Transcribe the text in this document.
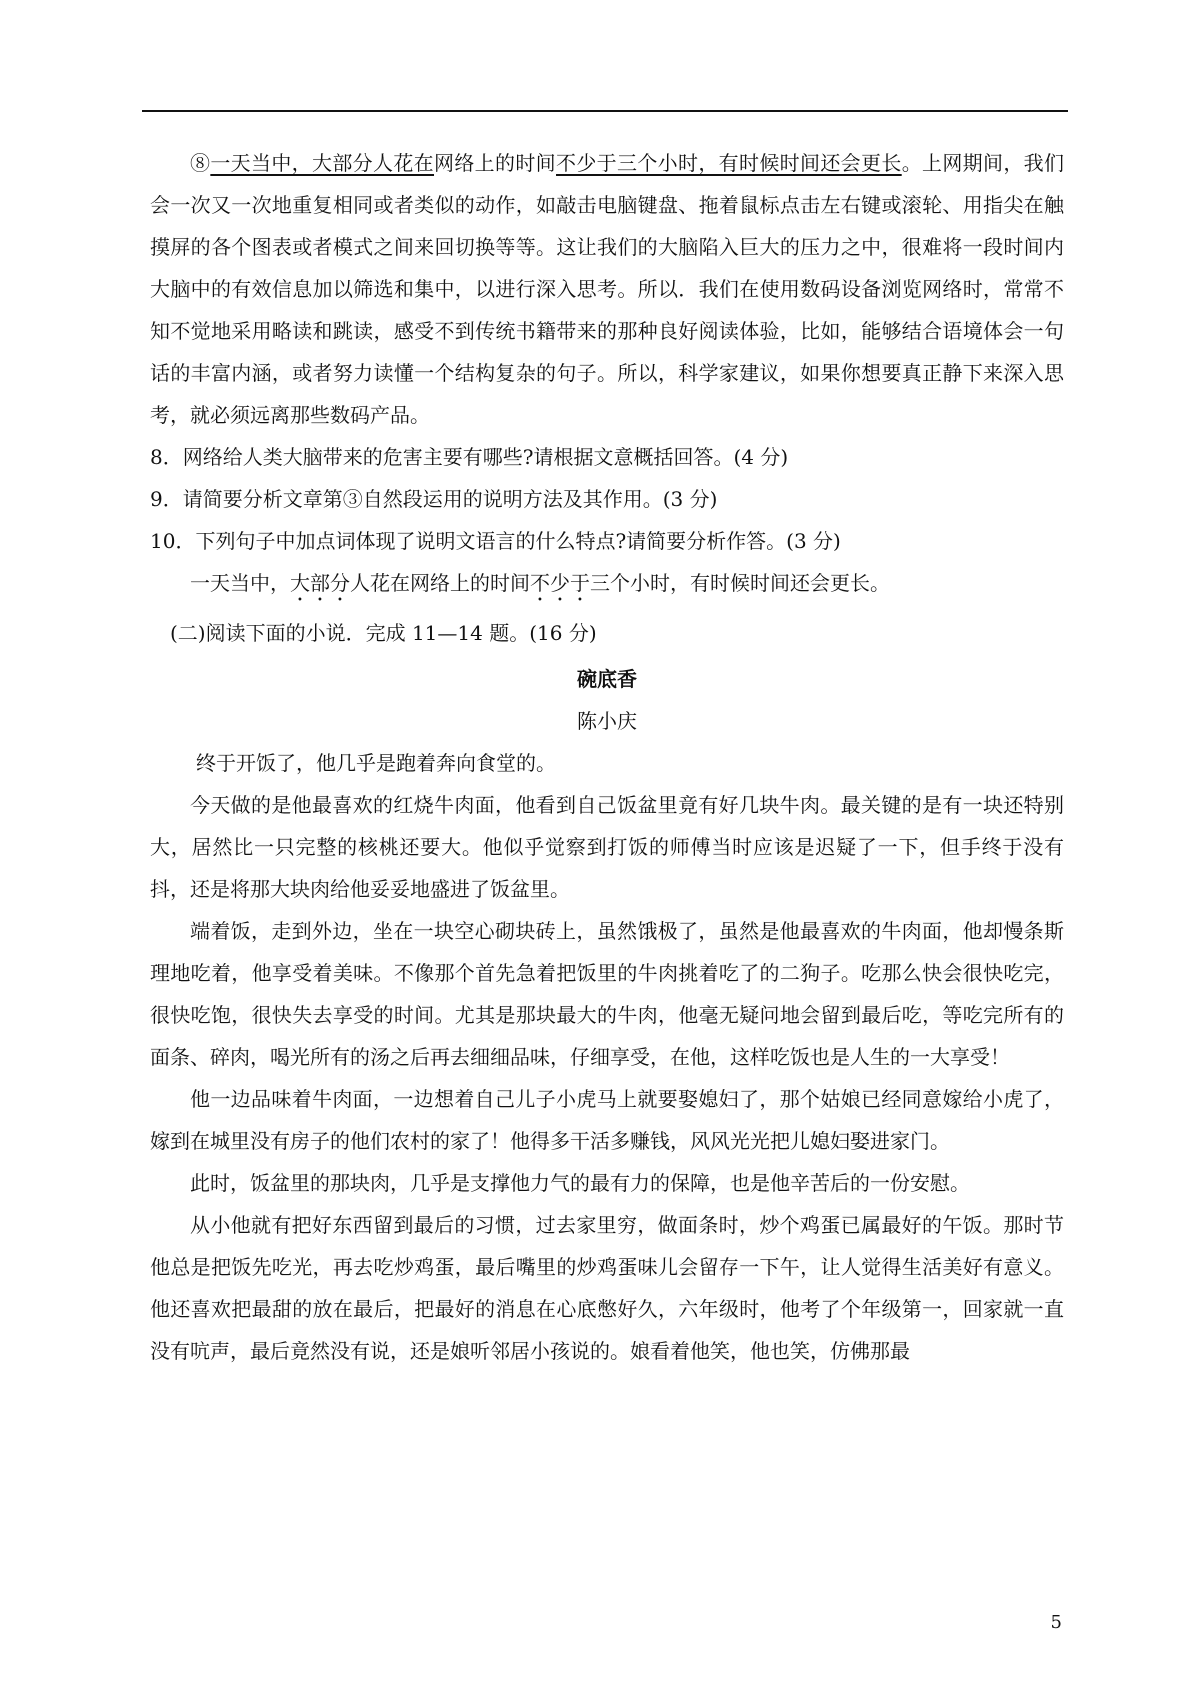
⑧一天当中，大部分人花在网络上的时间不少于三个小时，有时候时间还会更长。上网期间，我们会一次又一次地重复相同或者类似的动作，如敲击电脑键盘、拖着鼠标点击左右键或滚轮、用指尖在触摸屏的各个图表或者模式之间来回切换等等。这让我们的大脑陷入巨大的压力之中，很难将一段时间内大脑中的有效信息加以筛选和集中，以进行深入思考。所以．我们在使用数码设备浏览网络时，常常不知不觉地采用略读和跳读，感受不到传统书籍带来的那种良好阅读体验，比如，能够结合语境体会一句话的丰富内涵，或者努力读懂一个结构复杂的句子。所以，科学家建议，如果你想要真正静下来深入思考，就必须远离那些数码产品。

8．网络给人类大脑带来的危害主要有哪些?请根据文意概括回答。(4 分)

9．请简要分析文章第③自然段运用的说明方法及其作用。(3 分)

10．下列句子中加点词体现了说明文语言的什么特点?请简要分析作答。(3 分)

一天当中，大部分人花在网络上的时间不少于三个小时，有时候时间还会更长。

(二)阅读下面的小说．完成 11—14 题。(16 分)

碗底香

陈小庆

终于开饭了，他几乎是跑着奔向食堂的。

今天做的是他最喜欢的红烧牛肉面，他看到自己饭盆里竟有好几块牛肉。最关键的是有一块还特别大，居然比一只完整的核桃还要大。他似乎觉察到打饭的师傅当时应该是迟疑了一下，但手终于没有抖，还是将那大块肉给他妥妥地盛进了饭盆里。

端着饭，走到外边，坐在一块空心砌块砖上，虽然饿极了，虽然是他最喜欢的牛肉面，他却慢条斯理地吃着，他享受着美味。不像那个首先急着把饭里的牛肉挑着吃了的二狗子。吃那么快会很快吃完，很快吃饱，很快失去享受的时间。尤其是那块最大的牛肉，他毫无疑问地会留到最后吃，等吃完所有的面条、碎肉，喝光所有的汤之后再去细细品味，仔细享受，在他，这样吃饭也是人生的一大享受！

他一边品味着牛肉面，一边想着自己儿子小虎马上就要娶媳妇了，那个姑娘已经同意嫁给小虎了，嫁到在城里没有房子的他们农村的家了！他得多干活多赚钱，风风光光把儿媳妇娶进家门。

此时，饭盆里的那块肉，几乎是支撑他力气的最有力的保障，也是他辛苦后的一份安慰。

从小他就有把好东西留到最后的习惯，过去家里穷，做面条时，炒个鸡蛋已属最好的午饭。那时节他总是把饭先吃光，再去吃炒鸡蛋，最后嘴里的炒鸡蛋味儿会留存一下午，让人觉得生活美好有意义。他还喜欢把最甜的放在最后，把最好的消息在心底憋好久，六年级时，他考了个年级第一，回家就一直没有吭声，最后竟然没有说，还是娘听邻居小孩说的。娘看着他笑，他也笑，仿佛那最

5
